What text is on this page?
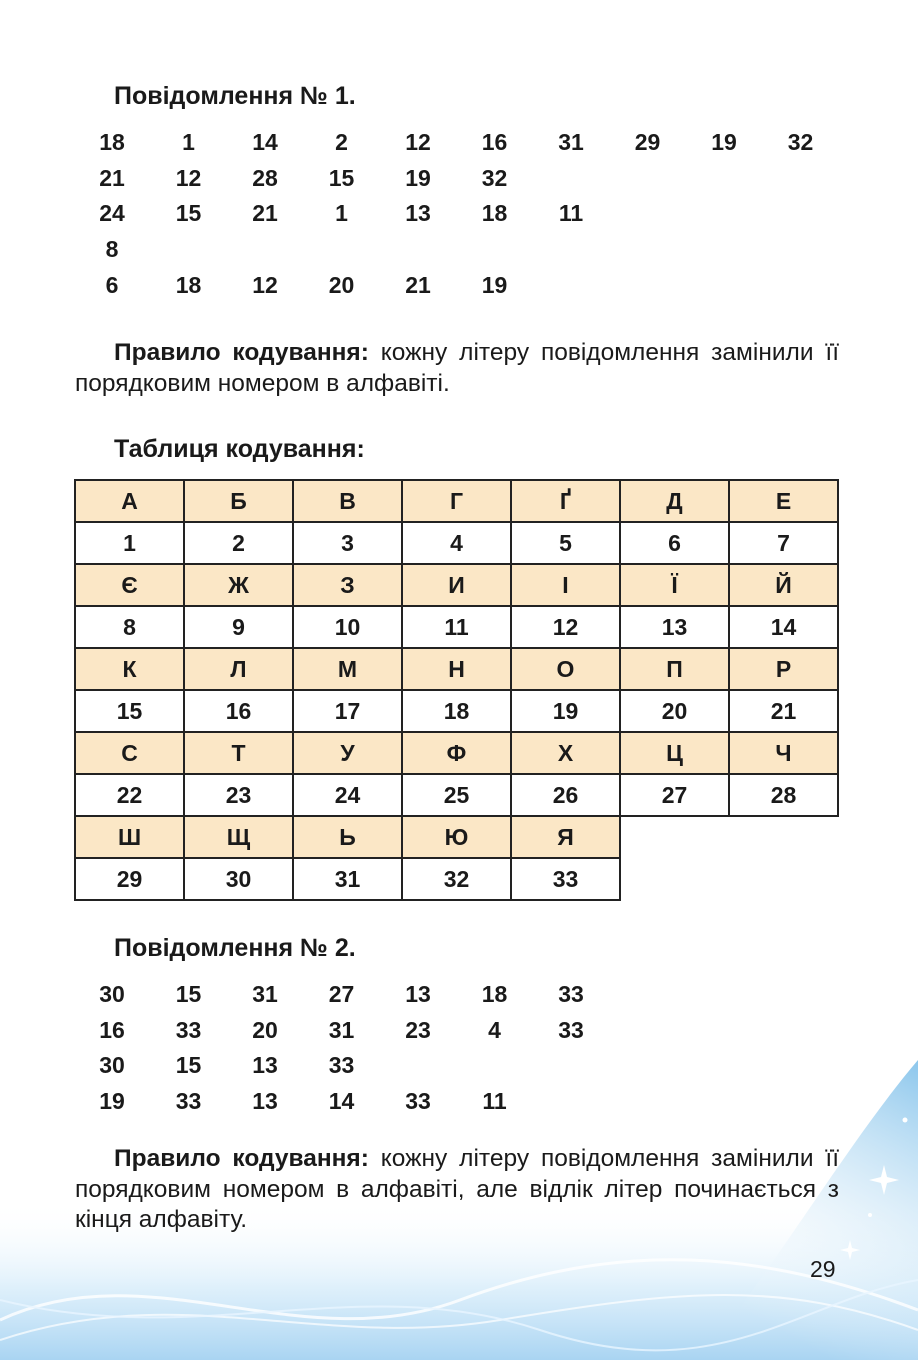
Повідомлення № 1.
18	1	14	2	12	16	31	29	19	32
21	12	28	15	19	32
24	15	21	1	13	18	11
8
6	18	12	20	21	19
Правило кодування: кожну літеру повідомлення замінили її порядковим номером в алфавіті.
Таблиця кодування:
А	Б	В	Г	Ґ	Д	Е
1	2	3	4	5	6	7
Є	Ж	З	И	І	Ї	Й
8	9	10	11	12	13	14
К	Л	М	Н	О	П	Р
15	16	17	18	19	20	21
С	Т	У	Ф	Х	Ц	Ч
22	23	24	25	26	27	28
Ш	Щ	Ь	Ю	Я		
29	30	31	32	33		
Повідомлення № 2.
30	15	31	27	13	18	33
16	33	20	31	23	4	33
30	15	13	33
19	33	13	14	33	11
Правило кодування: кожну літеру повідомлення замінили її порядковим номером в алфавіті, але відлік літер починається з кінця алфавіту.
29
